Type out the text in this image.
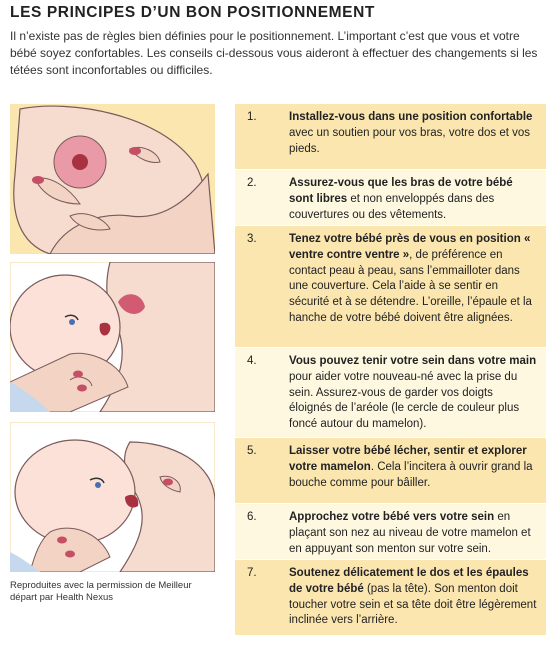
LES PRINCIPES D’UN BON POSITIONNEMENT
Il n’existe pas de règles bien définies pour le positionnement. L’important c’est que vous et votre bébé soyez confortables. Les conseils ci-dessous vous aideront à effectuer des changements si les tétées sont inconfortables ou difficiles.
Reproduites avec la permission de Meilleur départ par Health Nexus
1.	Installez-vous dans une position confortable avec un soutien pour vos bras, votre dos et vos pieds.
2.	Assurez-vous que les bras de votre bébé sont libres et non enveloppés dans des couvertures ou des vêtements.
3.	Tenez votre bébé près de vous en position « ventre contre ventre », de préférence en contact peau à peau, sans l’emmailloter dans une couverture. Cela l’aide à se sentir en sécurité et à se détendre. L’oreille, l’épaule et la hanche de votre bébé doivent être alignées.
4.	Vous pouvez tenir votre sein dans votre main pour aider votre nouveau-né avec la prise du sein. Assurez-vous de garder vos doigts éloignés de l’aréole (le cercle de couleur plus foncé autour du mamelon).
5.	Laisser votre bébé lécher, sentir et explorer votre mamelon. Cela l’incitera à ouvrir grand la bouche comme pour bâiller.
6.	Approchez votre bébé vers votre sein en plaçant son nez au niveau de votre mamelon et en appuyant son menton sur votre sein.
7.	Soutenez délicatement le dos et les épaules de votre bébé (pas la tête). Son menton doit toucher votre sein et sa tête doit être légèrement inclinée vers l’arrière.
